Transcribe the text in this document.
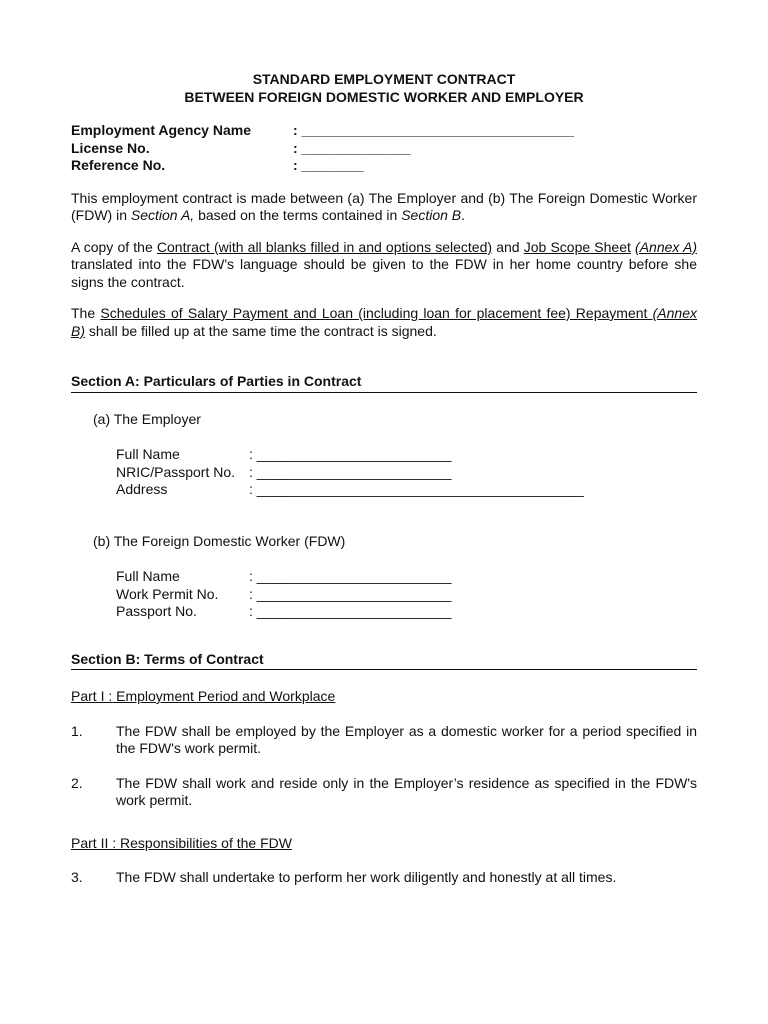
STANDARD EMPLOYMENT CONTRACT
BETWEEN FOREIGN DOMESTIC WORKER AND EMPLOYER
Employment Agency Name	: ___________________________________
License No.	: ______________
Reference No.	: ________
This employment contract is made between (a) The Employer and (b) The Foreign Domestic Worker (FDW) in Section A, based on the terms contained in Section B.
A copy of the Contract (with all blanks filled in and options selected) and Job Scope Sheet (Annex A) translated into the FDW's language should be given to the FDW in her home country before she signs the contract.
The Schedules of Salary Payment and Loan (including loan for placement fee) Repayment (Annex B) shall be filled up at the same time the contract is signed.
Section A: Particulars of Parties in Contract
(a) The Employer
Full Name	: _________________________
NRIC/Passport No. : _________________________
Address	: __________________________________________
(b) The Foreign Domestic Worker (FDW)
Full Name	: _________________________
Work Permit No.	: _________________________
Passport No.	: _________________________
Section B: Terms of Contract
Part I : Employment Period and Workplace
1.	The FDW shall be employed by the Employer as a domestic worker for a period specified in the FDW's work permit.
2.	The FDW shall work and reside only in the Employer’s residence as specified in the FDW's work permit.
Part II : Responsibilities of the FDW
3.	The FDW shall undertake to perform her work diligently and honestly at all times.
